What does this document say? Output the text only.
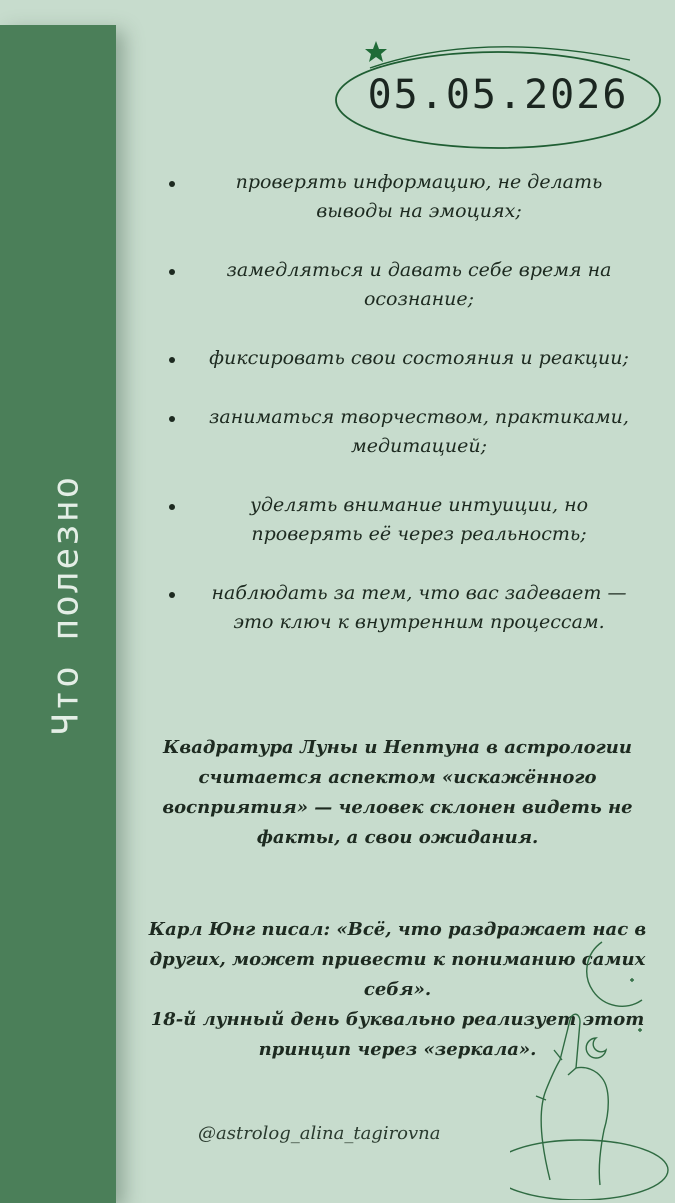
Что полезно
05.05.2026
проверять информацию, не делать выводы на эмоциях;
замедляться и давать себе время на осознание;
фиксировать свои состояния и реакции;
заниматься творчеством, практиками, медитацией;
уделять внимание интуиции, но проверять её через реальность;
наблюдать за тем, что вас задевает — это ключ к внутренним процессам.

Квадратура Луны и Нептуна в астрологии считается аспектом «искажённого восприятия» — человек склонен видеть не факты, а свои ожидания.

Карл Юнг писал: «Всё, что раздражает нас в других, может привести к пониманию самих себя».
18-й лунный день буквально реализует этот принцип через «зеркала».
@astrolog_alina_tagirovna
